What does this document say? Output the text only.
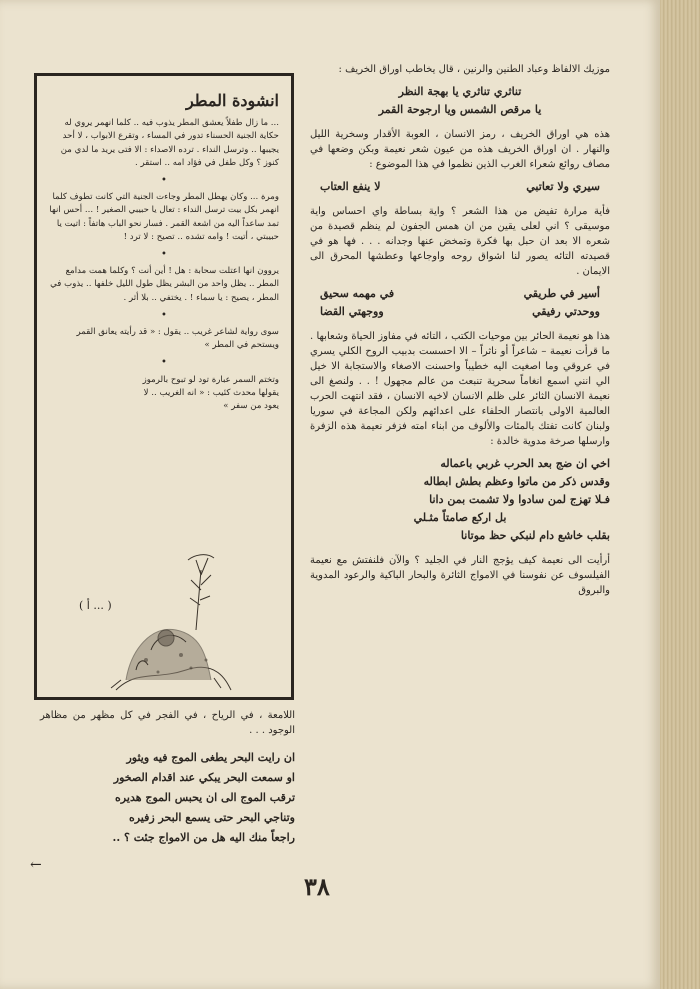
موزيك الالفاظ وعباد الطنين والرنين ، قال يخاطب اوراق الخريف :

تناثري تناثري يا بهجة النظر
يا مرقص الشمس ويا ارجوحة القمر

هذه هي اوراق الخريف ، رمز الانسان ، العوبة الأقدار وسخرية الليل والنهار . ان اوراق الخريف هذه من عيون شعر نعيمة وبكن وضعها في مصاف روائع شعراء الغرب الذين نظموا في هذا الموضوع :

سيري ولا تعاتبي
لا ينفع العتاب

فأية مرارة تفيض من هذا الشعر ؟ واية بساطة واي احساس واية موسيقى ؟ اني لعلى يقين من ان همس الجفون لم ينظم قصيدة من شعره الا بعد ان حبل بها فكرة وتمخض عنها وجدانه . . . فها هو في قصيدته التائه يصور لنا اشواق روحه واوجاعها وعطشها المحرق الى الايمان .

أسير في طريقي
في مهمه سحيق
ووحدتي رفيقي
ووجهتي القضا

هذا هو نعيمة الحائر بين موحيات الكتب ، التائه في مفاوز الحياة وشعابها . ما قرأت نعيمة – شاعراً أو ناثراً – الا احسست بدبيب الروح الكلي يسري في عروقي وما اصغيت اليه خطيباً واحسنت الاصغاء والاستجابة الا خيل الي انني اسمع انغاماً سحرية تنبعث من عالم مجهول ! . . ولنصغ الى نعيمة الانسان الثائر على ظلم الانسان لاخيه الانسان ، فقد انتهت الحرب العالمية الاولى بانتصار الحلفاء على اعدائهم ولكن المجاعة في سوريا ولبنان كانت تفتك بالمئات والألوف من ابناء امته فزفر نعيمة هذه الزفرة وارسلها صرخة مدوية خالدة :

اخي ان ضج بعد الحرب غربي باعماله
وقدس ذكر من ماتوا وعظم بطش ابطاله
فـلا تهزج لمن سادوا ولا تشمت بمن دانا
بل اركع صامتاً مثـلي
بقلب خاشع دام لنبكي حظ موتانا

أرأيت الى نعيمة كيف يؤجج النار في الجليد ؟ والآن فلنفتش مع نعيمة الفيلسوف عن نفوسنا في الامواج الثائرة والبحار الباكية والرعود المدوية والبروق

انشودة المطر

... ما زال طفلاً يعشق المطر يذوب فيه .. كلما انهمر يروي له حكاية الجنية الحسناء تدور في المساء ، وتقرع الابواب ، لا أحد يجيبها .. وترسل النداء . ترده الاصداء : الا فتى يريد ما لدي من كنوز ؟ وكل طفل في فؤاد امه .. استقر .

•

ومرة ... وكان يهطل المطر وجاءت الجنية التي كانت تطوف كلما انهمر بكل بيت ترسل النداء : تعال يا حبيبي الصغير ! ... أحس انها تمد ساعداً اليه من اشعة القمر . فسار نحو الباب هاتفاً : اتيت يا حبيبتي ، أتيت ! وامه تشده .. تصيح : لا ترد !

•

يروون انها اعتلت سحابة : هل ! أين أنت ؟ وكلما همت مدامع المطر .. يظل واحد من البشر يظل طول الليل خلفها .. يذوب في المطر ، يصيح : يا سماء ! . يختفي .. بلا أثر .

•

سوى رواية لشاعر غريب .. يقول : « قد رأيته يعانق القمر ويستحم في المطر »

•

وتختم السمر عبارة تود لو تبوح بالرموز يقولها محدث كئيب : « انه الغريب .. لا يعود من سفر »

( أ ... )

اللامعة ، في الرياح ، في الفجر في كل مظهر من مظاهر الوجود . . .

ان رايت البحر يطغى الموج فيه ويثور
او سمعت البحر يبكي عند اقدام الصخور
ترقب الموج الى ان يحبس الموج هديره
وتناجي البحر حتى يسمع البحر زفيره
راجعاً منك اليه هل من الامواج جئت ؟ ..
←
٣٨
